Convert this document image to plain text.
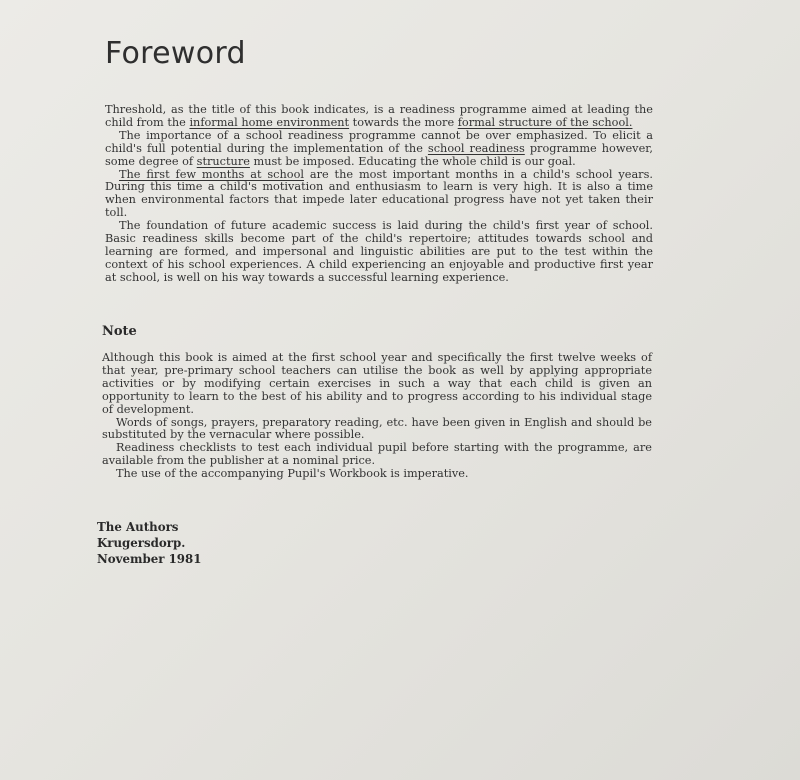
Foreword

Threshold, as the title of this book indicates, is a readiness programme aimed at leading the child from the informal home environment towards the more formal structure of the school.

The importance of a school readiness programme cannot be over emphasized. To elicit a child's full potential during the implementation of the school readiness programme however, some degree of structure must be imposed. Educating the whole child is our goal.

The first few months at school are the most important months in a child's school years. During this time a child's motivation and enthusiasm to learn is very high. It is also a time when environmental factors that impede later educational progress have not yet taken their toll.

The foundation of future academic success is laid during the child's first year of school. Basic readiness skills become part of the child's repertoire; attitudes towards school and learning are formed, and impersonal and linguistic abilities are put to the test within the context of his school experiences. A child experiencing an enjoyable and productive first year at school, is well on his way towards a successful learning experience.

Note

Although this book is aimed at the first school year and specifically the first twelve weeks of that year, pre-primary school teachers can utilise the book as well by applying appropriate activities or by modifying certain exercises in such a way that each child is given an opportunity to learn to the best of his ability and to progress according to his individual stage of development.

Words of songs, prayers, preparatory reading, etc. have been given in English and should be substituted by the vernacular where possible.

Readiness checklists to test each individual pupil before starting with the programme, are available from the publisher at a nominal price.

The use of the accompanying Pupil's Workbook is imperative.

The Authors
Krugersdorp.
November 1981
